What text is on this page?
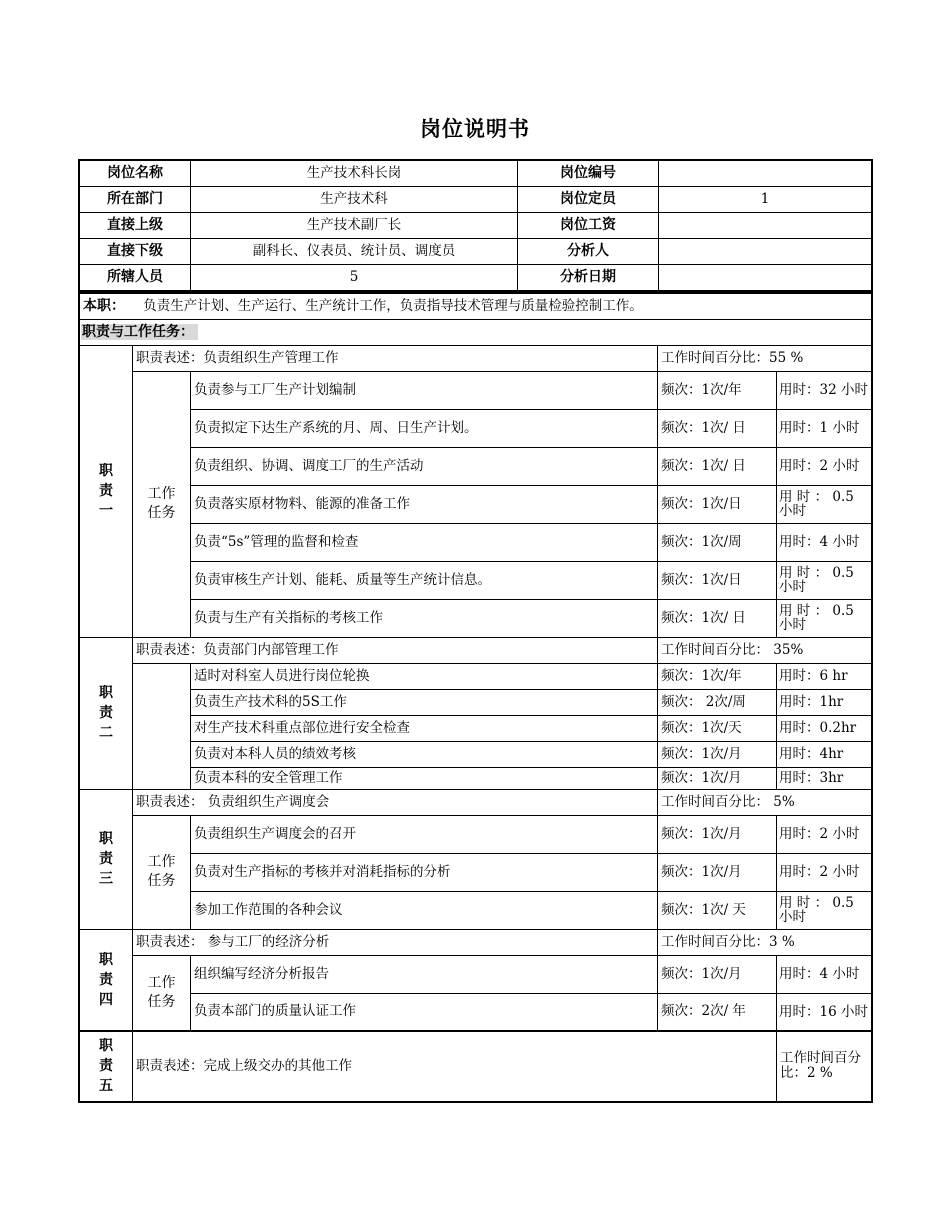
岗位说明书
岗位名称	生产技术科长岗	岗位编号	
所在部门	生产技术科	岗位定员	1
直接上级	生产技术副厂长	岗位工资	
直接下级	副科长、仪表员、统计员、调度员	分析人	
所辖人员	5	分析日期	
本职： 负责生产计划、生产运行、生产统计工作，负责指导技术管理与质量检验控制工作。				
职责与工作任务：				

职
责
一	职责表述：负责组织生产管理工作		工作时间百分比：55 %	
	工作任务	负责参与工厂生产计划编制	频次：1次/年	用时：32 小时
		负责拟定下达生产系统的月、周、日生产计划。	频次：1次/ 日	用时：1 小时
		负责组织、协调、调度工厂的生产活动	频次：1次/ 日	用时：2 小时
		负责落实原材物料、能源的准备工作	频次：1次/日	用 时 ： 0.5 小时
		负责“5s”管理的监督和检查	频次：1次/周	用时：4 小时
		负责审核生产计划、能耗、质量等生产统计信息。	频次：1次/日	用 时 ： 0.5 小时
		负责与生产有关指标的考核工作	频次：1次/ 日	用 时 ： 0.5 小时

职
责
二	职责表述：负责部门内部管理工作		工作时间百分比： 35%	
		适时对科室人员进行岗位轮换	频次：1次/年	用时：6 hr
		负责生产技术科的5S工作	频次： 2次/周	用时：1hr
		对生产技术科重点部位进行安全检查	频次：1次/天	用时：0.2hr
		负责对本科人员的绩效考核	频次：1次/月	用时：4hr
		负责本科的安全管理工作	频次：1次/月	用时：3hr

职
责
三	职责表述： 负责组织生产调度会		工作时间百分比： 5%	
	工作任务	负责组织生产调度会的召开	频次：1次/月	用时：2 小时
		负责对生产指标的考核并对消耗指标的分析	频次：1次/月	用时：2 小时
		参加工作范围的各种会议	频次：1次/ 天	用 时 ： 0.5 小时

职
责
四	职责表述： 参与工厂的经济分析		工作时间百分比：3 %	
	工作任务	组织编写经济分析报告	频次：1次/月	用时：4 小时
		负责本部门的质量认证工作	频次：2次/ 年	用时：16 小时

职
责
五	职责表述：完成上级交办的其他工作			工作时间百分比：2 %
